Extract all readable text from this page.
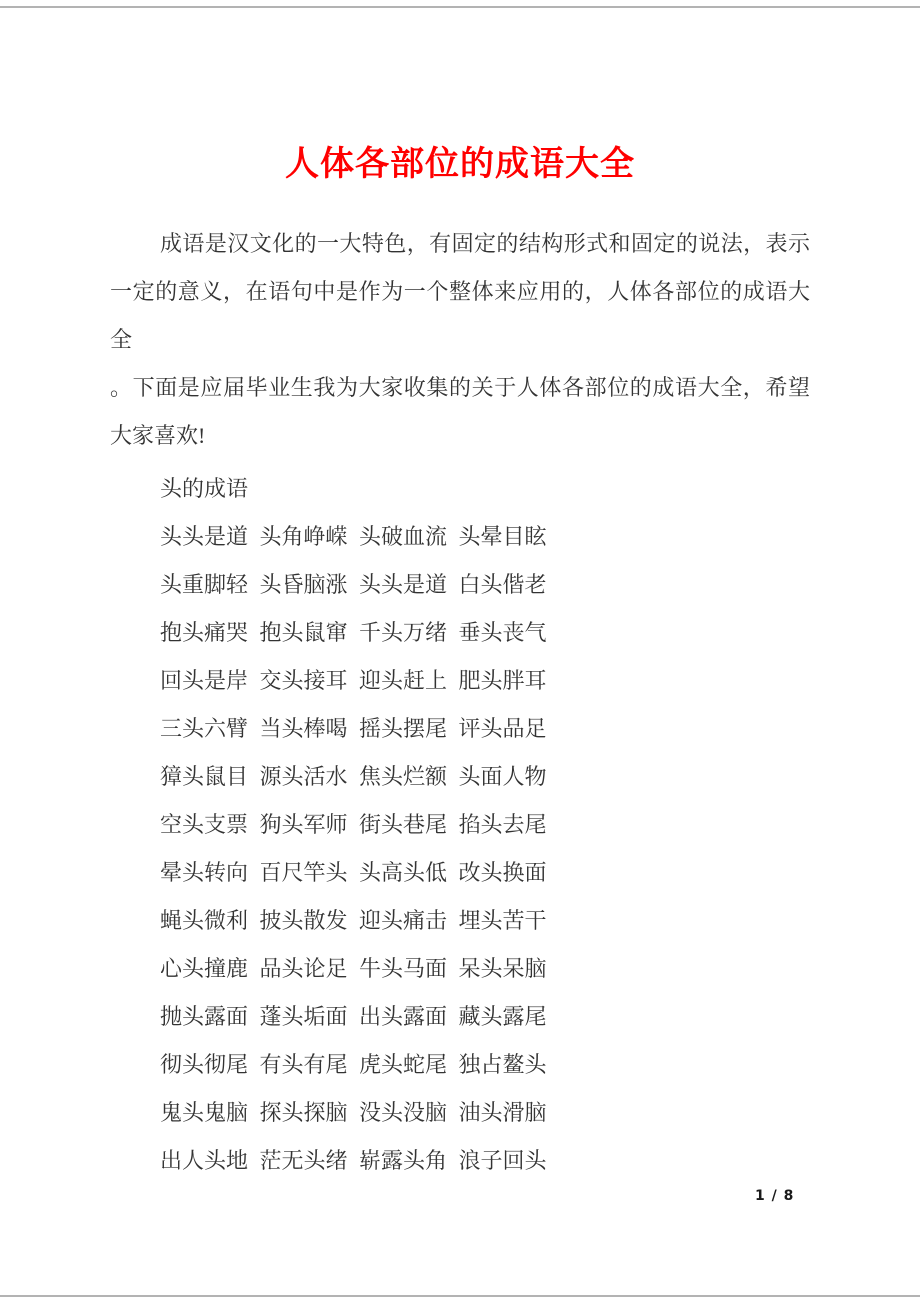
人体各部位的成语大全

成语是汉文化的一大特色，有固定的结构形式和固定的说法，表示一定的意义，在语句中是作为一个整体来应用的，人体各部位的成语大全

。下面是应届毕业生我为大家收集的关于人体各部位的成语大全，希望大家喜欢!

头的成语

头头是道 头角峥嵘 头破血流 头晕目眩

头重脚轻 头昏脑涨 头头是道 白头偕老

抱头痛哭 抱头鼠窜 千头万绪 垂头丧气

回头是岸 交头接耳 迎头赶上 肥头胖耳

三头六臂 当头棒喝 摇头摆尾 评头品足

獐头鼠目 源头活水 焦头烂额 头面人物

空头支票 狗头军师 街头巷尾 掐头去尾

晕头转向 百尺竿头 头高头低 改头换面

蝇头微利 披头散发 迎头痛击 埋头苦干

心头撞鹿 品头论足 牛头马面 呆头呆脑

抛头露面 蓬头垢面 出头露面 藏头露尾

彻头彻尾 有头有尾 虎头蛇尾 独占鳌头

鬼头鬼脑 探头探脑 没头没脑 油头滑脑

出人头地 茫无头绪 崭露头角 浪子回头

1 / 8
